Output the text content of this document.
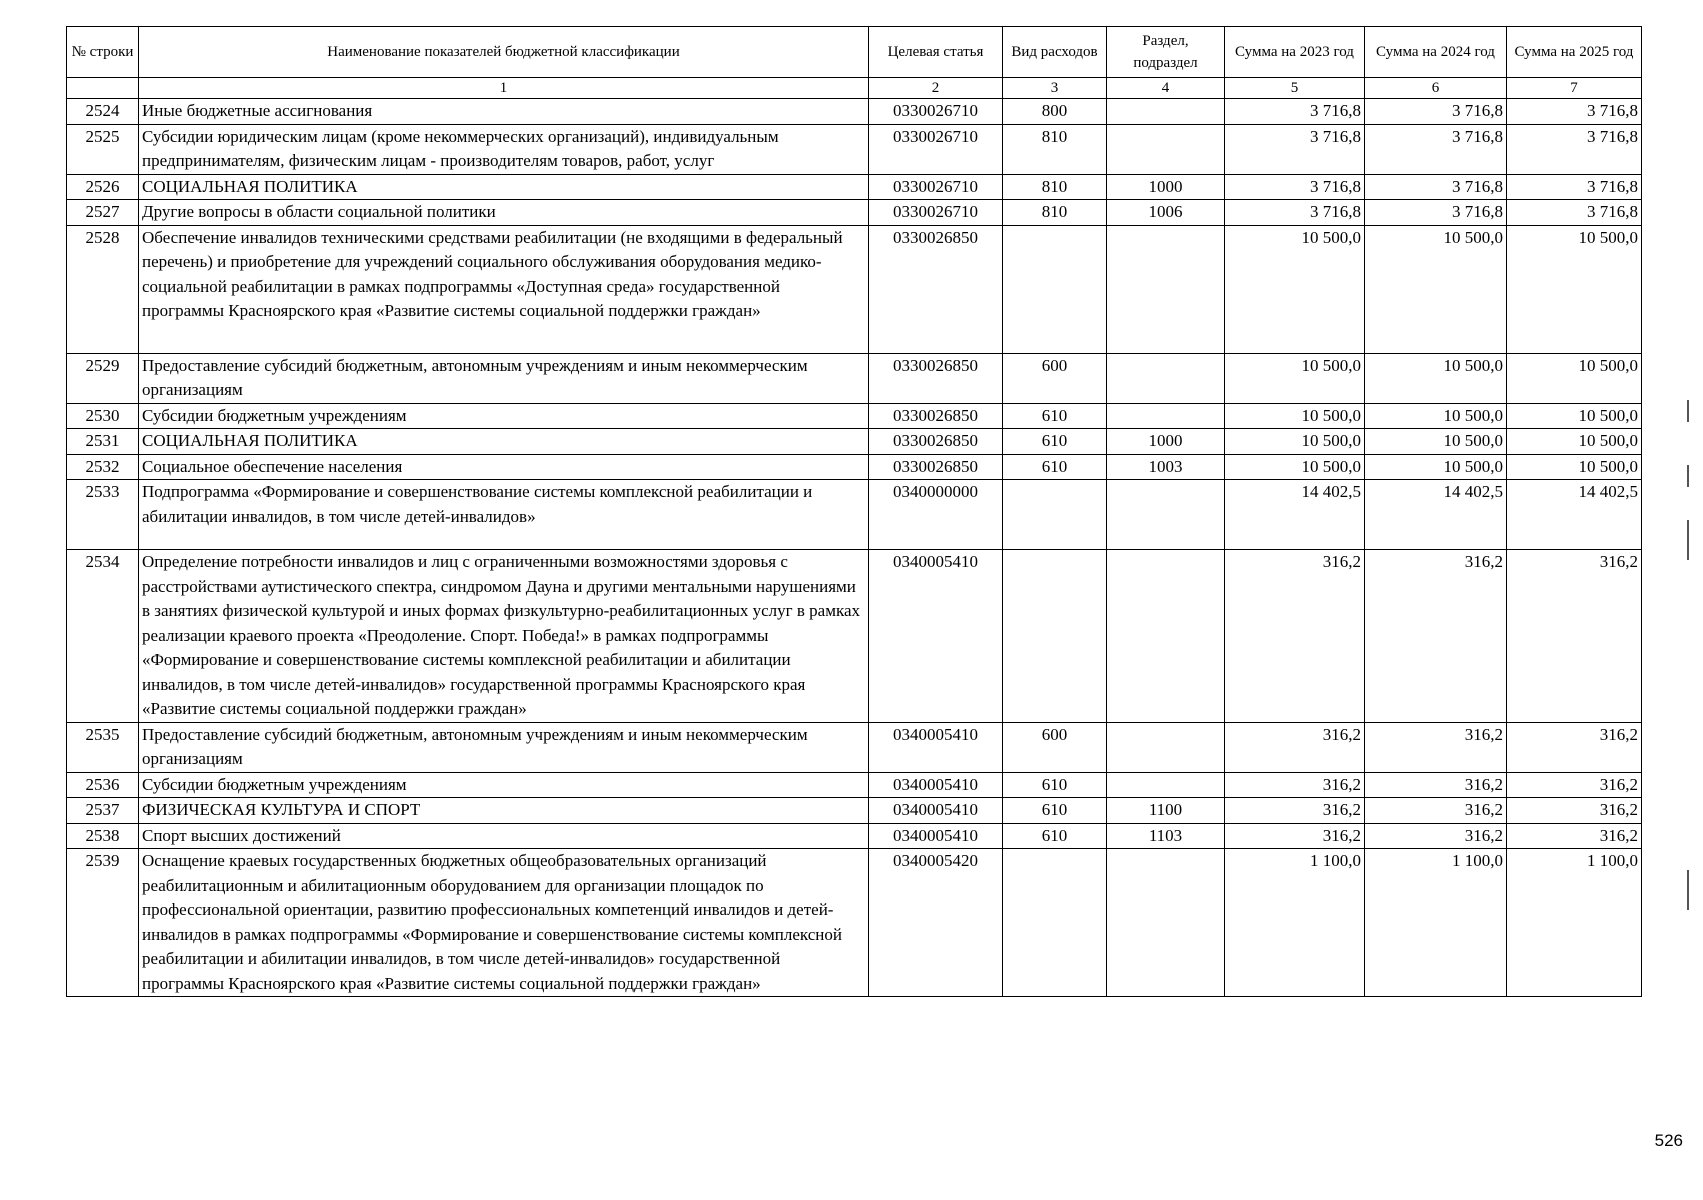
№ строки	Наименование показателей бюджетной классификации	Целевая статья	Вид расходов	Раздел, подраздел	Сумма на 2023 год	Сумма на 2024 год	Сумма на 2025 год
	1	2	3	4	5	6	7
2524	Иные бюджетные ассигнования	0330026710	800		3 716,8	3 716,8	3 716,8
2525	Субсидии юридическим лицам (кроме некоммерческих организаций), индивидуальным предпринимателям, физическим лицам - производителям товаров, работ, услуг	0330026710	810		3 716,8	3 716,8	3 716,8
2526	СОЦИАЛЬНАЯ ПОЛИТИКА	0330026710	810	1000	3 716,8	3 716,8	3 716,8
2527	Другие вопросы в области социальной политики	0330026710	810	1006	3 716,8	3 716,8	3 716,8
2528	Обеспечение инвалидов техническими средствами реабилитации (не входящими в федеральный перечень) и приобретение для учреждений социального обслуживания оборудования медико-социальной реабилитации в рамках подпрограммы «Доступная среда» государственной программы Красноярского края «Развитие системы социальной поддержки граждан»	0330026850			10 500,0	10 500,0	10 500,0
2529	Предоставление субсидий бюджетным, автономным учреждениям и иным некоммерческим организациям	0330026850	600		10 500,0	10 500,0	10 500,0
2530	Субсидии бюджетным учреждениям	0330026850	610		10 500,0	10 500,0	10 500,0
2531	СОЦИАЛЬНАЯ ПОЛИТИКА	0330026850	610	1000	10 500,0	10 500,0	10 500,0
2532	Социальное обеспечение населения	0330026850	610	1003	10 500,0	10 500,0	10 500,0
2533	Подпрограмма «Формирование и совершенствование системы комплексной реабилитации и абилитации инвалидов, в том числе детей-инвалидов»	0340000000			14 402,5	14 402,5	14 402,5
2534	Определение потребности инвалидов и лиц с ограниченными возможностями здоровья с расстройствами аутистического спектра, синдромом Дауна и другими ментальными нарушениями в занятиях физической культурой и иных формах физкультурно-реабилитационных услуг в рамках реализации краевого проекта «Преодоление. Спорт. Победа!» в рамках подпрограммы «Формирование и совершенствование системы комплексной реабилитации и абилитации инвалидов, в том числе детей-инвалидов» государственной программы Красноярского края «Развитие системы социальной поддержки граждан»	0340005410			316,2	316,2	316,2
2535	Предоставление субсидий бюджетным, автономным учреждениям и иным некоммерческим организациям	0340005410	600		316,2	316,2	316,2
2536	Субсидии бюджетным учреждениям	0340005410	610		316,2	316,2	316,2
2537	ФИЗИЧЕСКАЯ КУЛЬТУРА И СПОРТ	0340005410	610	1100	316,2	316,2	316,2
2538	Спорт высших достижений	0340005410	610	1103	316,2	316,2	316,2
2539	Оснащение краевых государственных бюджетных общеобразовательных организаций реабилитационным и абилитационным оборудованием для организации площадок по профессиональной ориентации, развитию профессиональных компетенций инвалидов и детей-инвалидов в рамках подпрограммы «Формирование и совершенствование системы комплексной реабилитации и абилитации инвалидов, в том числе детей-инвалидов» государственной программы Красноярского края «Развитие системы социальной поддержки граждан»	0340005420			1 100,0	1 100,0	1 100,0
526
